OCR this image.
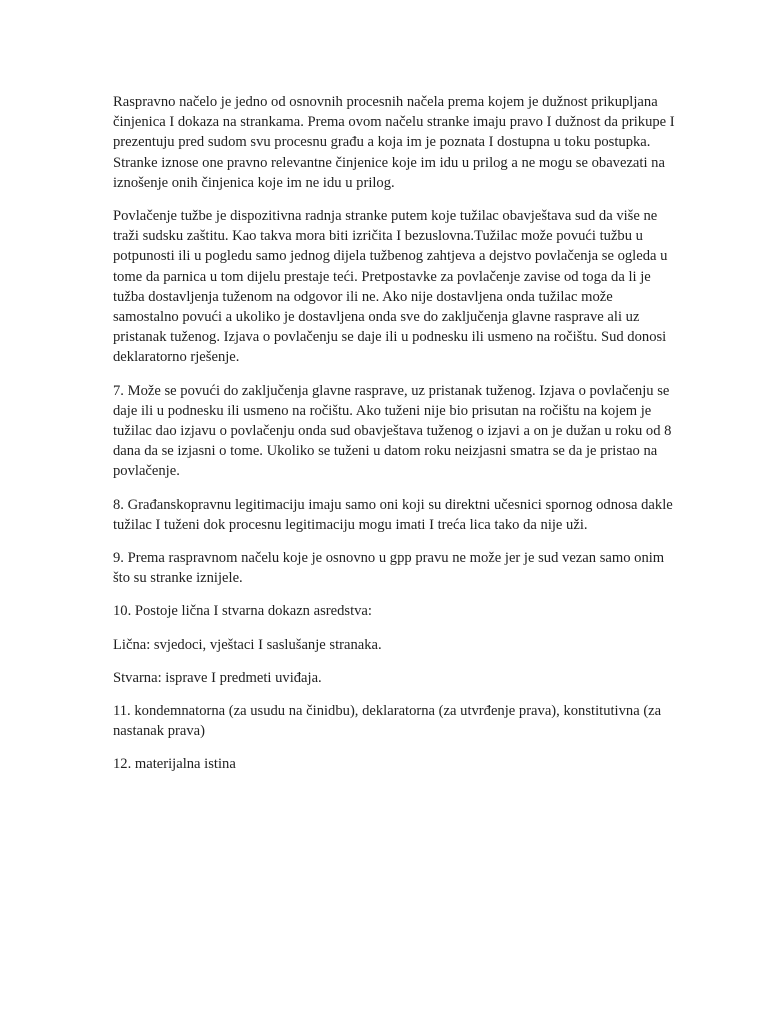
Raspravno načelo je jedno od osnovnih procesnih načela prema kojem je dužnost prikupljana činjenica I dokaza na strankama. Prema ovom načelu stranke imaju pravo I dužnost da prikupe I prezentuju pred sudom svu procesnu građu a koja im je poznata I dostupna u toku postupka. Stranke iznose one pravno relevantne činjenice koje im idu u prilog a ne mogu se obavezati na iznošenje onih činjenica koje im ne idu u prilog.

Povlačenje tužbe je dispozitivna radnja stranke putem koje tužilac obavještava sud da više ne traži sudsku zaštitu. Kao takva mora biti izričita I bezuslovna.Tužilac može povući tužbu u potpunosti ili u pogledu samo jednog dijela tužbenog zahtjeva a dejstvo povlačenja se ogleda u tome da parnica u tom dijelu prestaje teći. Pretpostavke za povlačenje zavise od toga da li je tužba dostavljenja tuženom na odgovor ili ne. Ako nije dostavljena onda tužilac može samostalno povući a ukoliko je dostavljena onda sve do zaključenja glavne rasprave ali uz pristanak tuženog. Izjava o povlačenju se daje ili u podnesku ili usmeno na ročištu. Sud donosi deklaratorno rješenje.

7. Može se povući do zaključenja glavne rasprave, uz pristanak tuženog. Izjava o povlačenju se daje ili u podnesku ili usmeno na ročištu. Ako tuženi nije bio prisutan na ročištu na kojem je tužilac dao izjavu o povlačenju onda sud obavještava tuženog o izjavi a on je dužan u roku od 8 dana da se izjasni o tome. Ukoliko se tuženi u datom roku neizjasni smatra se da je pristao na povlačenje.

8. Građanskopravnu legitimaciju imaju samo oni koji su direktni učesnici spornog odnosa dakle tužilac I tuženi dok procesnu legitimaciju mogu imati I treća lica tako da nije uži.

9. Prema raspravnom načelu koje je osnovno u gpp pravu ne može jer je sud vezan samo onim što su stranke iznijele.

10. Postoje lična I stvarna dokazn asredstva:

Lična: svjedoci, vještaci I saslušanje stranaka.

Stvarna: isprave I predmeti uviđaja.

11. kondemnatorna (za usudu na činidbu), deklaratorna (za utvrđenje prava), konstitutivna (za nastanak prava)

12. materijalna istina
